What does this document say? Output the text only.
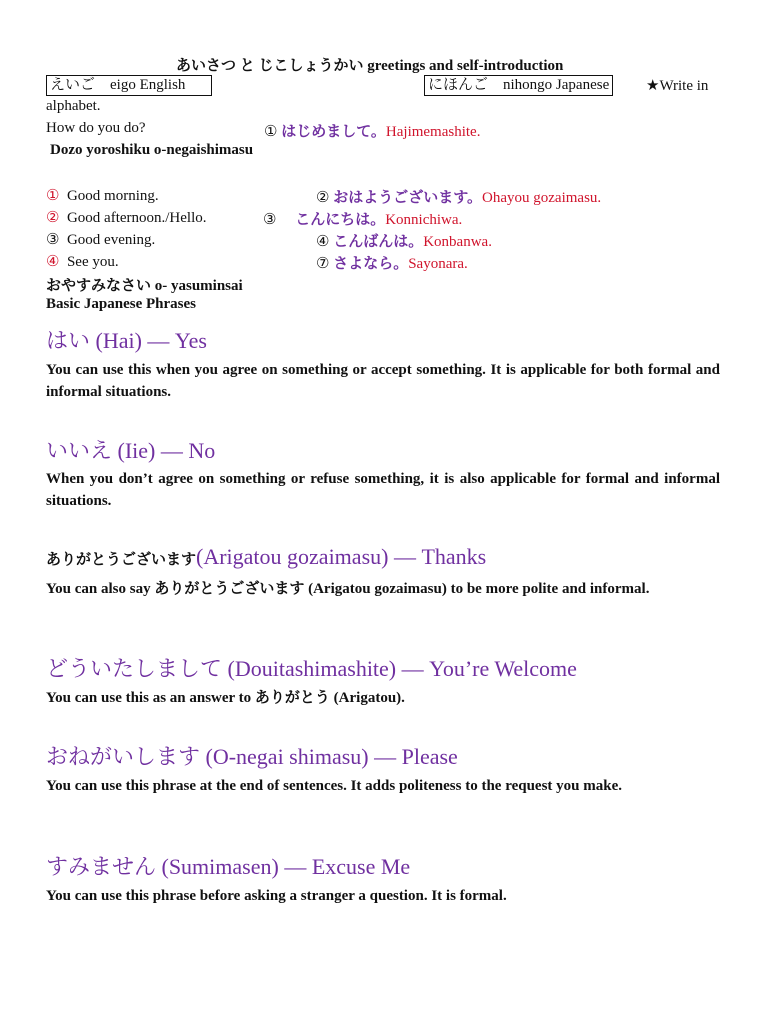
あいさつ と じこしょうかい greetings and self-introduction
えいご　eigo English	にほんご　nihongo Japanese ★Write in
alphabet.
How do you do?	① はじめまして。Hajimemashite.
Dozo yoroshiku o-negaishimasu
① Good morning.	② おはようございます。Ohayou gozaimasu.
② Good afternoon./Hello.	③ こんにちは。Konnichiwa.
③ Good evening.	④ こんばんは。Konbanwa.
④ See you.	⑦ さよなら。Sayonara.
おやすみなさい o- yasuminsai
Basic Japanese Phrases
はい (Hai) — Yes
You can use this when you agree on something or accept something. It is applicable for both formal and informal situations.
いいえ (Iie) — No
When you don’t agree on something or refuse something, it is also applicable for formal and informal situations.
ありがとうございます(Arigatou gozaimasu) — Thanks
You can also say ありがとうございます (Arigatou gozaimasu) to be more polite and informal.
どういたしまして (Douitashimashite) — You’re Welcome
You can use this as an answer to ありがとう (Arigatou).
おねがいします (O-negai shimasu) — Please
You can use this phrase at the end of sentences. It adds politeness to the request you make.
すみません (Sumimasen) — Excuse Me
You can use this phrase before asking a stranger a question. It is formal.
